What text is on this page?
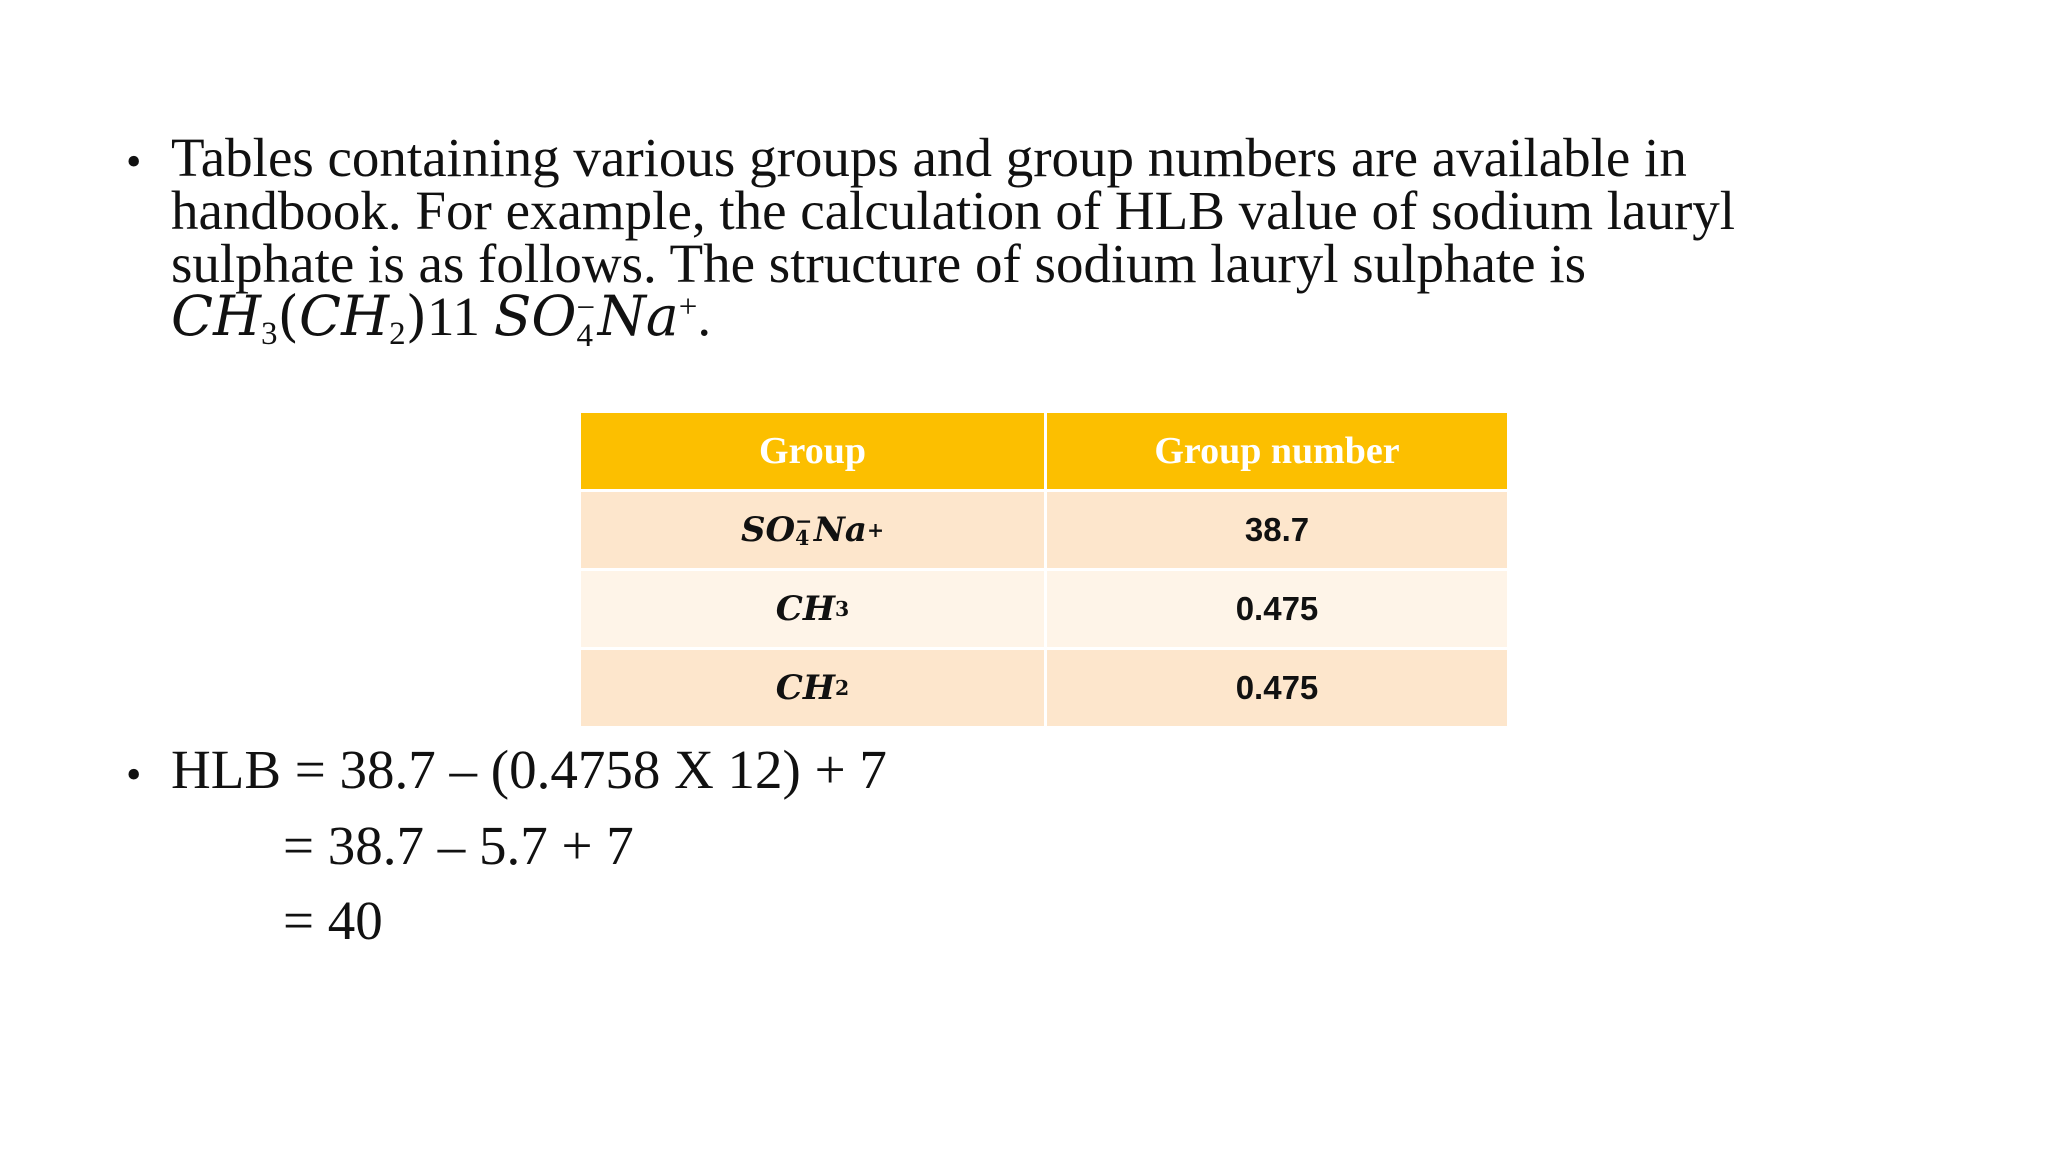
• Tables containing various groups and group numbers are available in
handbook. For example, the calculation of HLB value of sodium lauryl
sulphate is as follows. The structure of sodium lauryl sulphate is
$CH_3(CH_2)11$ SO −
4 Na+.
Group	Group number
SO −
4 Na +	38.7
CH 3	0.475
CH 2	0.475
• HLB = 38.7 – (0.4758 X 12) + 7
= 38.7 – 5.7 + 7
= 40
